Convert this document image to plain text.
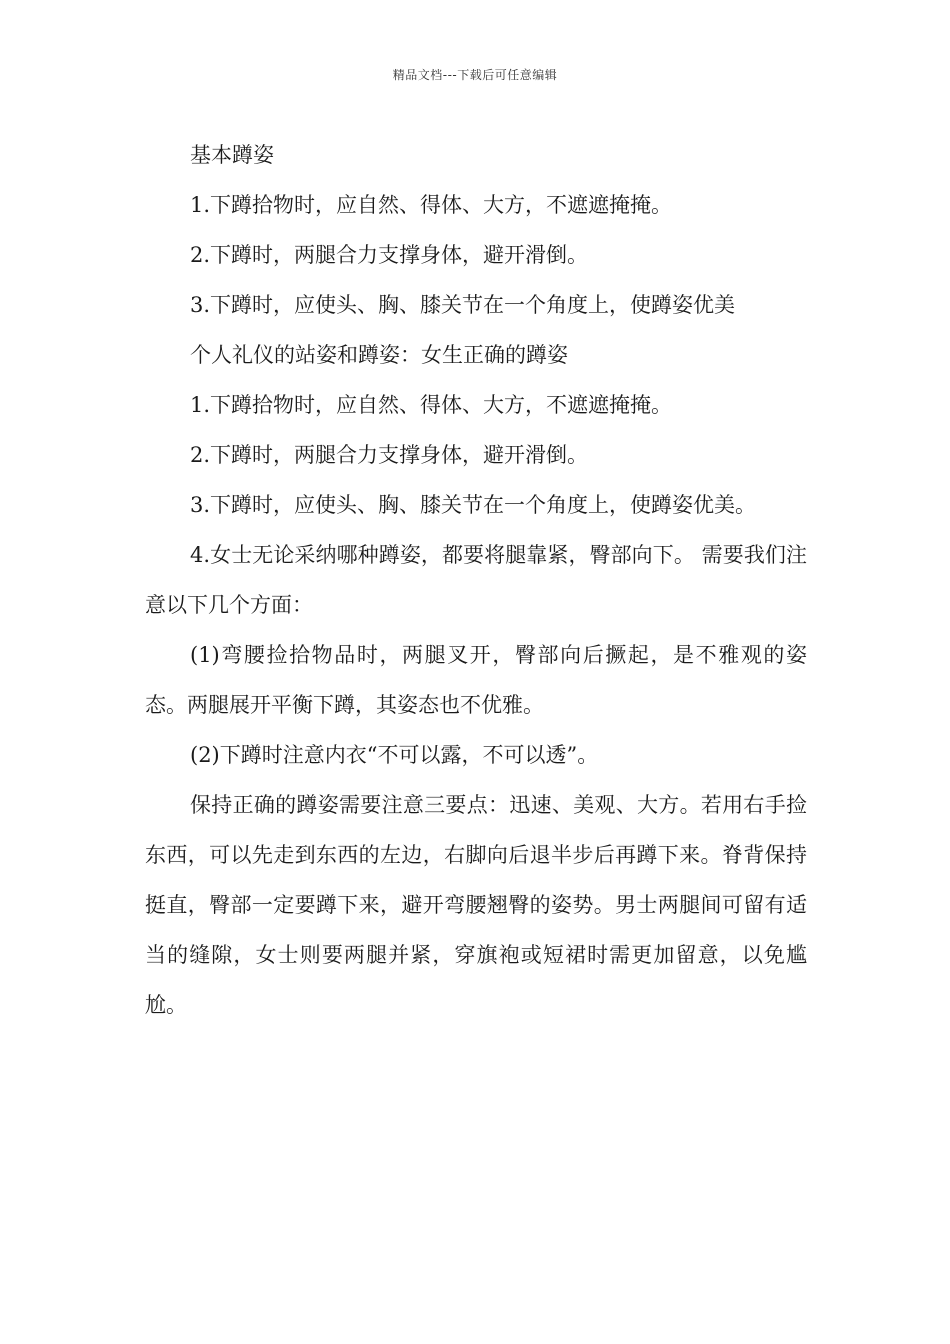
精品文档---下载后可任意编辑

基本蹲姿

1.下蹲拾物时，应自然、得体、大方，不遮遮掩掩。

2.下蹲时，两腿合力支撑身体，避开滑倒。

3.下蹲时，应使头、胸、膝关节在一个角度上，使蹲姿优美

个人礼仪的站姿和蹲姿：女生正确的蹲姿

1.下蹲拾物时，应自然、得体、大方，不遮遮掩掩。

2.下蹲时，两腿合力支撑身体，避开滑倒。

3.下蹲时，应使头、胸、膝关节在一个角度上，使蹲姿优美。

4.女士无论采纳哪种蹲姿，都要将腿靠紧，臀部向下。 需要我们注意以下几个方面：

(1)弯腰捡拾物品时，两腿叉开，臀部向后撅起，是不雅观的姿态。两腿展开平衡下蹲，其姿态也不优雅。

(2)下蹲时注意内衣“不可以露，不可以透”。

保持正确的蹲姿需要注意三要点：迅速、美观、大方。若用右手捡东西，可以先走到东西的左边，右脚向后退半步后再蹲下来。脊背保持挺直，臀部一定要蹲下来，避开弯腰翘臀的姿势。男士两腿间可留有适当的缝隙，女士则要两腿并紧，穿旗袍或短裙时需更加留意，以免尴尬。
